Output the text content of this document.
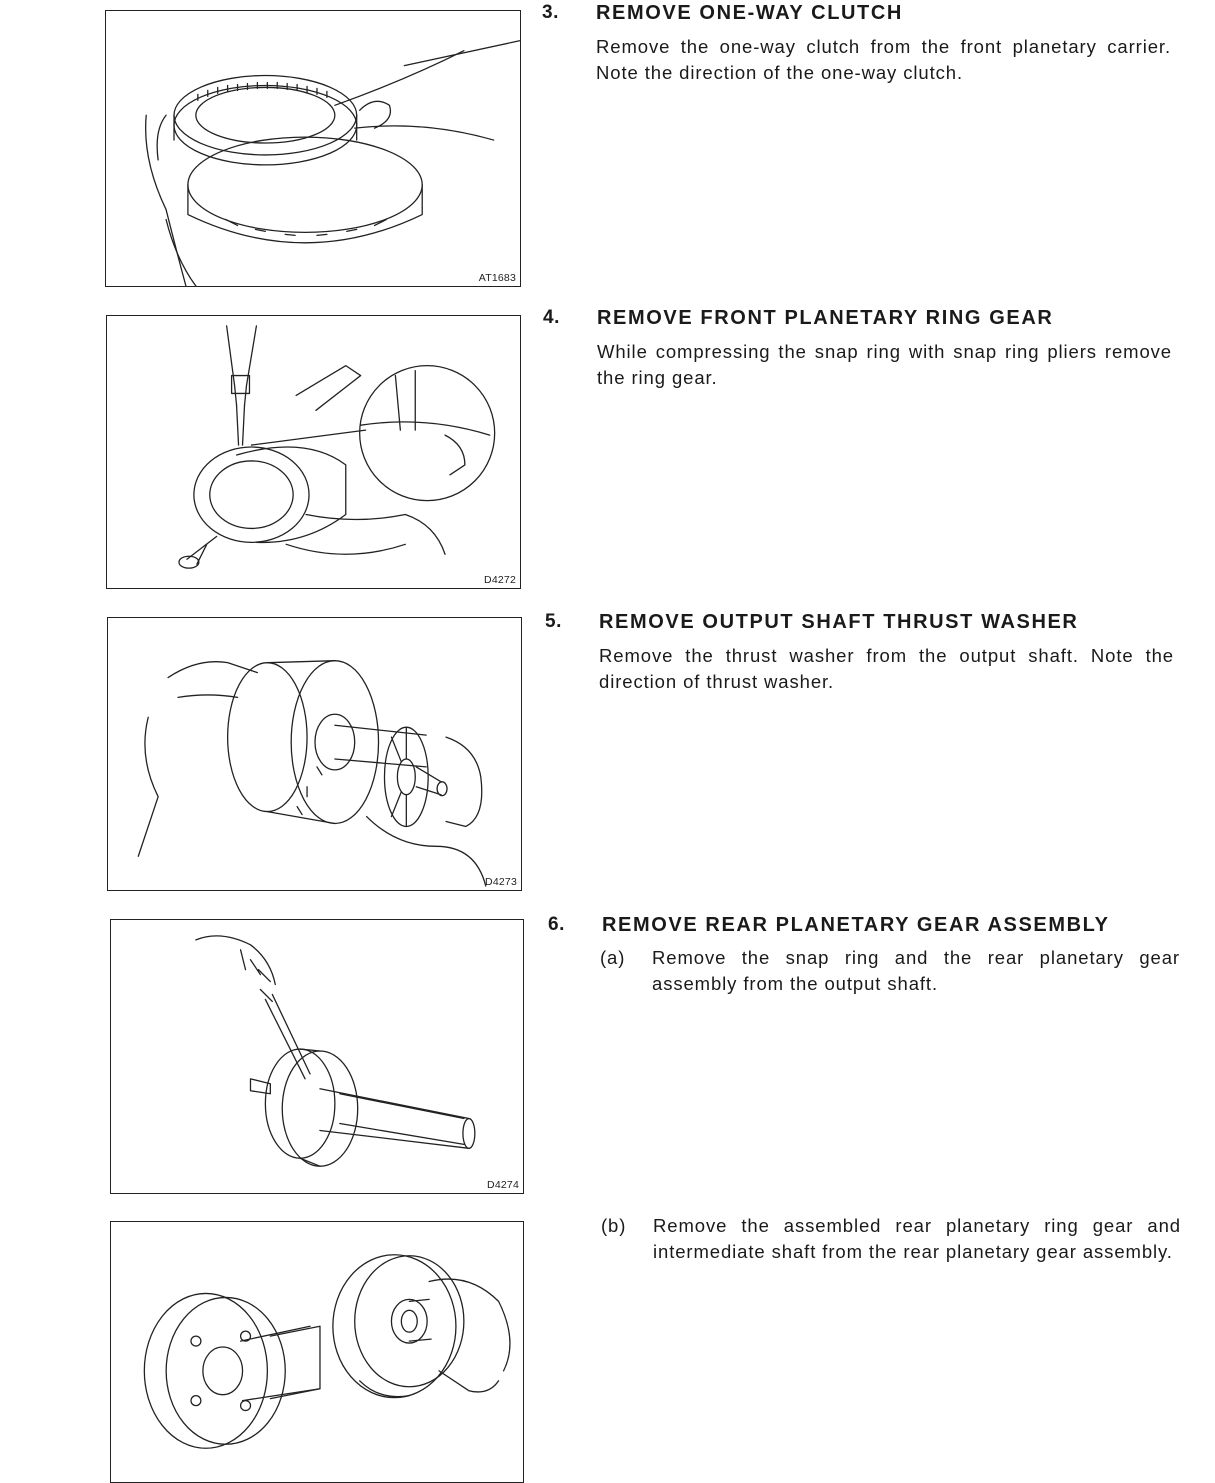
AT1683
D4272
D4273
D4274
3. REMOVE ONE-WAY CLUTCH
Remove the one-way clutch from the front planetary carrier. Note the direction of the one-way clutch.
4. REMOVE FRONT PLANETARY RING GEAR
While compressing the snap ring with snap ring pliers remove the ring gear.
5. REMOVE OUTPUT SHAFT THRUST WASHER
Remove the thrust washer from the output shaft. Note the direction of thrust washer.
6. REMOVE REAR PLANETARY GEAR ASSEMBLY
(a) Remove the snap ring and the rear planetary gear assembly from the output shaft.
(b) Remove the assembled rear planetary ring gear and intermediate shaft from the rear planetary gear assembly.
